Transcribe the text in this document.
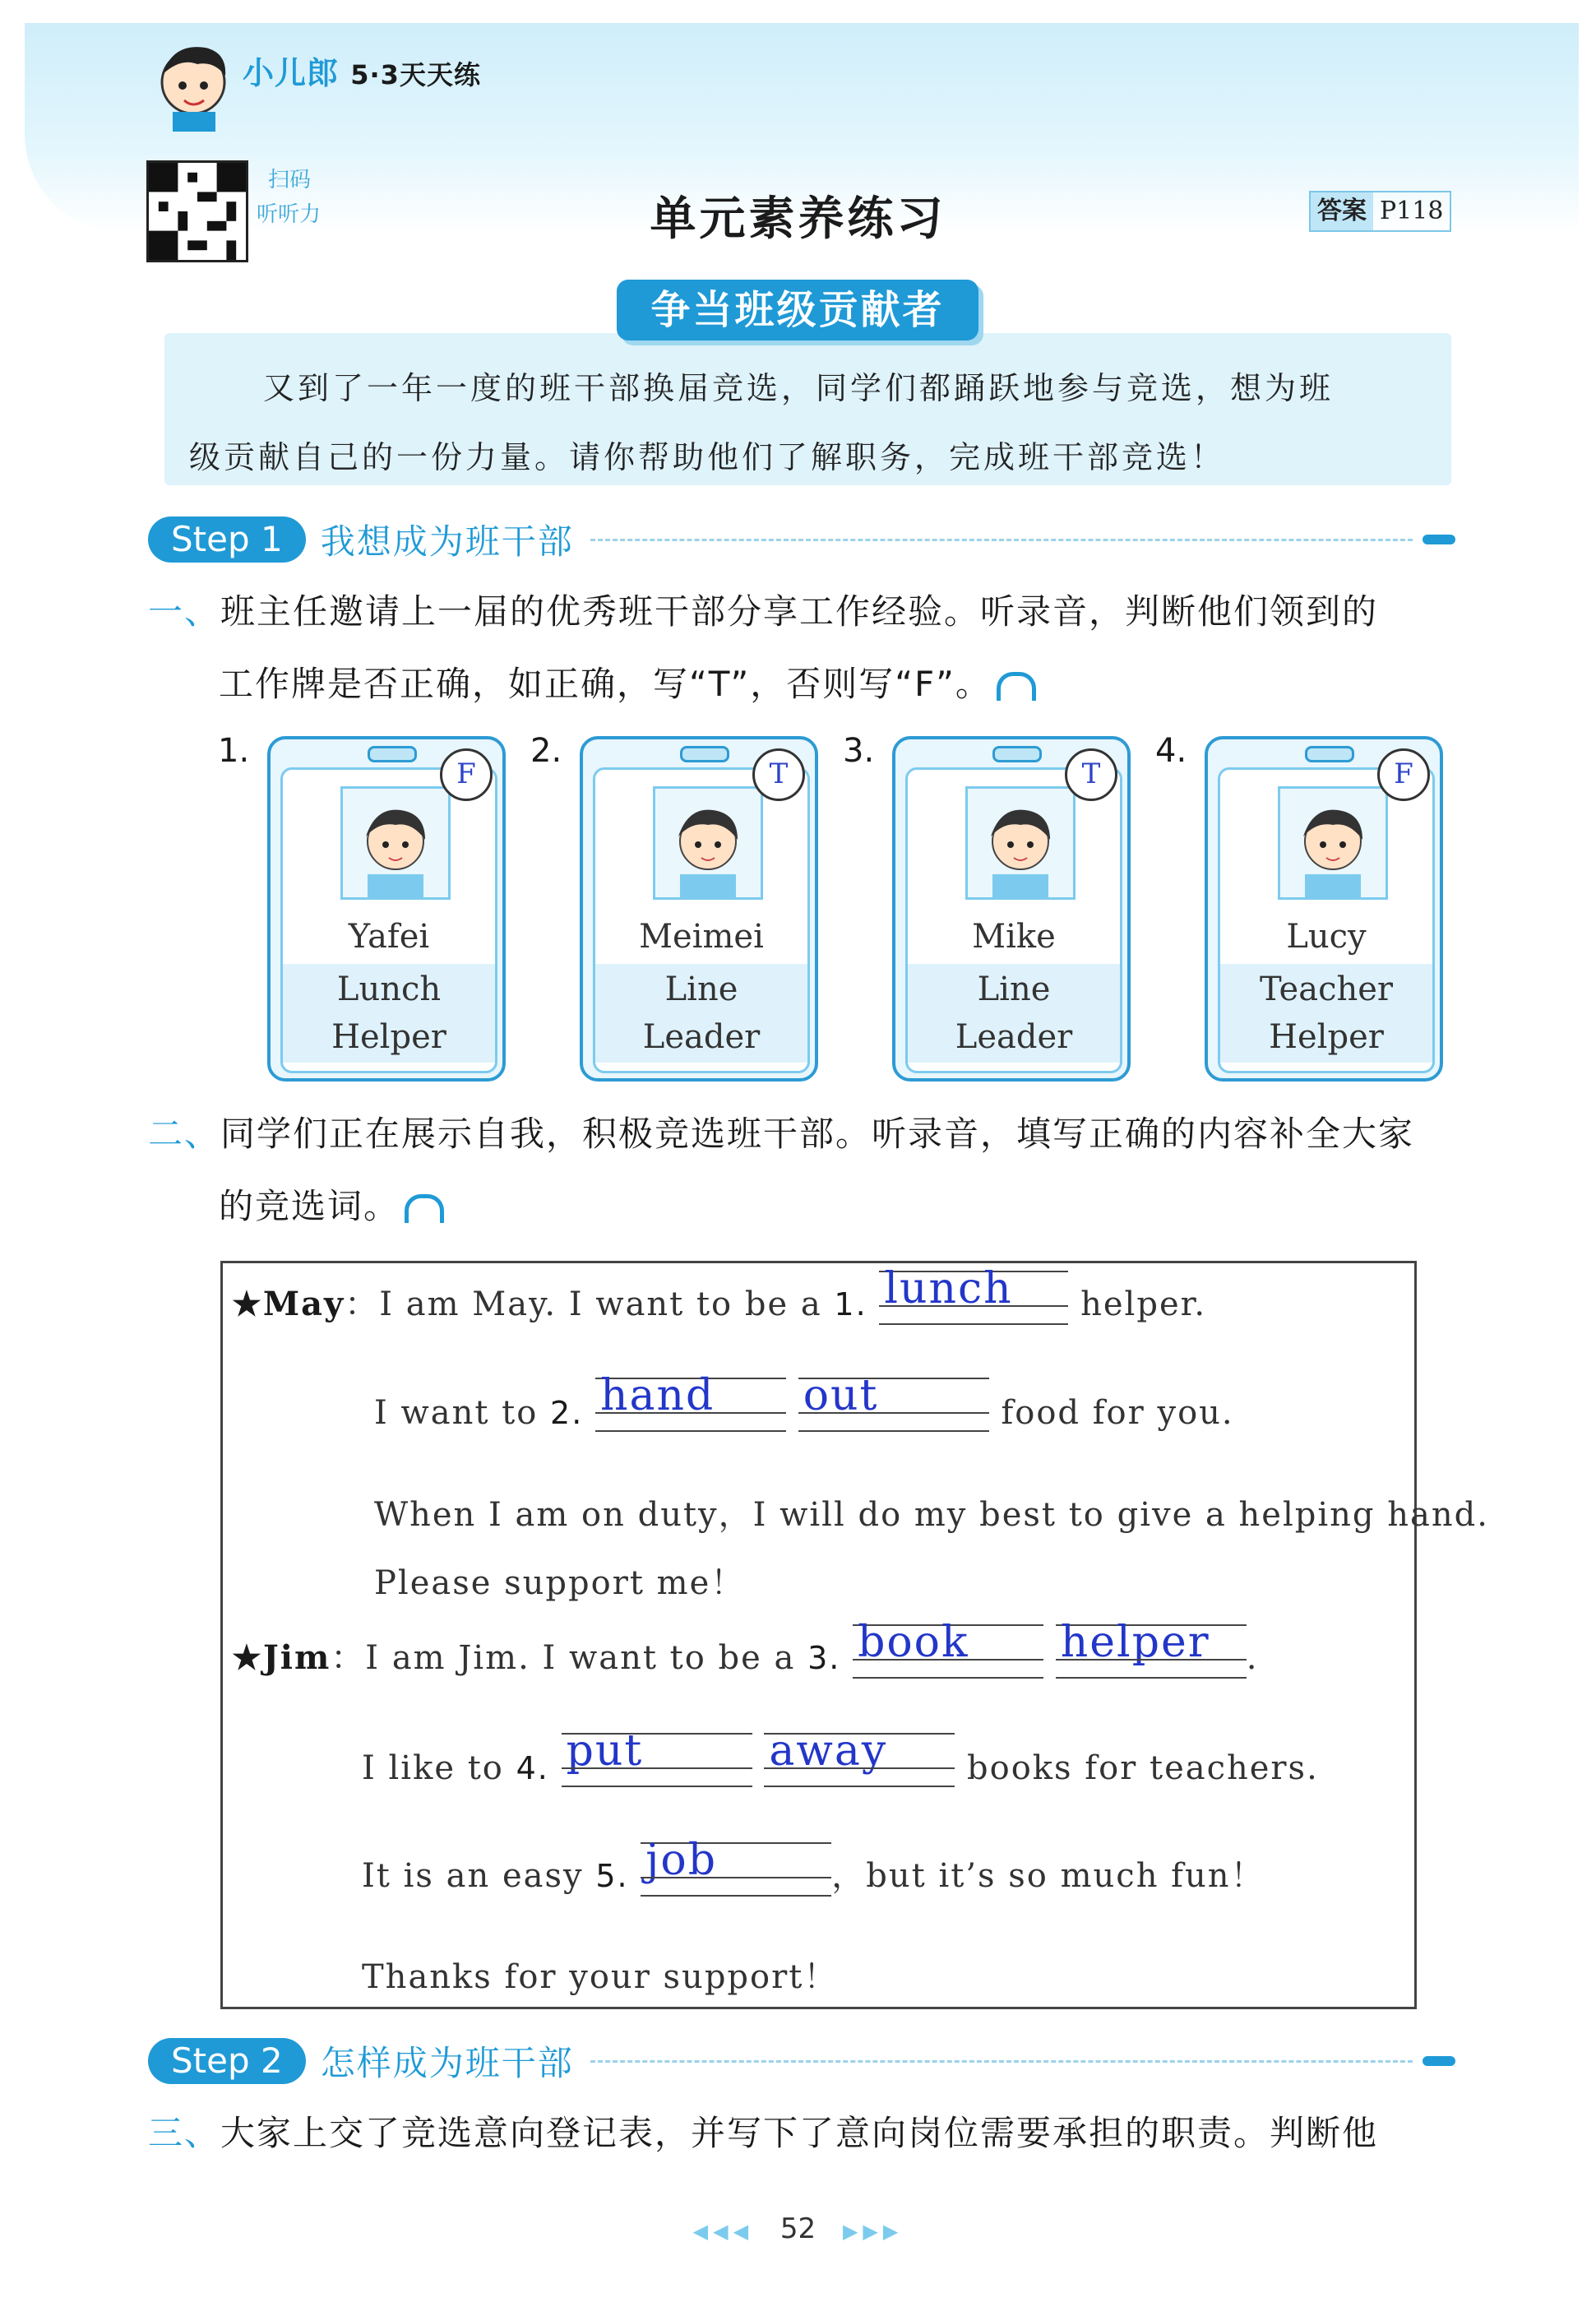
小儿郎 5·3天天练
扫码
听听力	单元素养练习	答案 P118
争当班级贡献者
又到了一年一度的班干部换届竞选，同学们都踊跃地参与竞选，想为班
级贡献自己的一份力量。请你帮助他们了解职务，完成班干部竞选！
Step 1	我想成为班干部
一、班主任邀请上一届的优秀班干部分享工作经验。听录音，判断他们领到的
工作牌是否正确，如正确，写“T”，否则写“F”。
1.
Yafei
Lunch
Helper
F
2.
Meimei
Line
Leader
T
3.
Mike
Line
Leader
T
4.
Lucy
Teacher
Helper
F
二、同学们正在展示自我，积极竞选班干部。听录音，填写正确的内容补全大家
的竞选词。
★May：I am May. I want to be a 1. lunch helper.
I want to 2. hand
out	food for you.
When I am on duty，I will do my best to give a helping hand.
Please support me！
★Jim：I am Jim. I want to be a 3. book
helper .
I like to 4. put
	away books for teachers.
It is an easy 5. job	，but it’s so much fun！
Thanks for your support！
Step 2	怎样成为班干部
三、大家上交了竞选意向登记表，并写下了意向岗位需要承担的职责。判断他
◀◀◀ 52 ▶▶▶
